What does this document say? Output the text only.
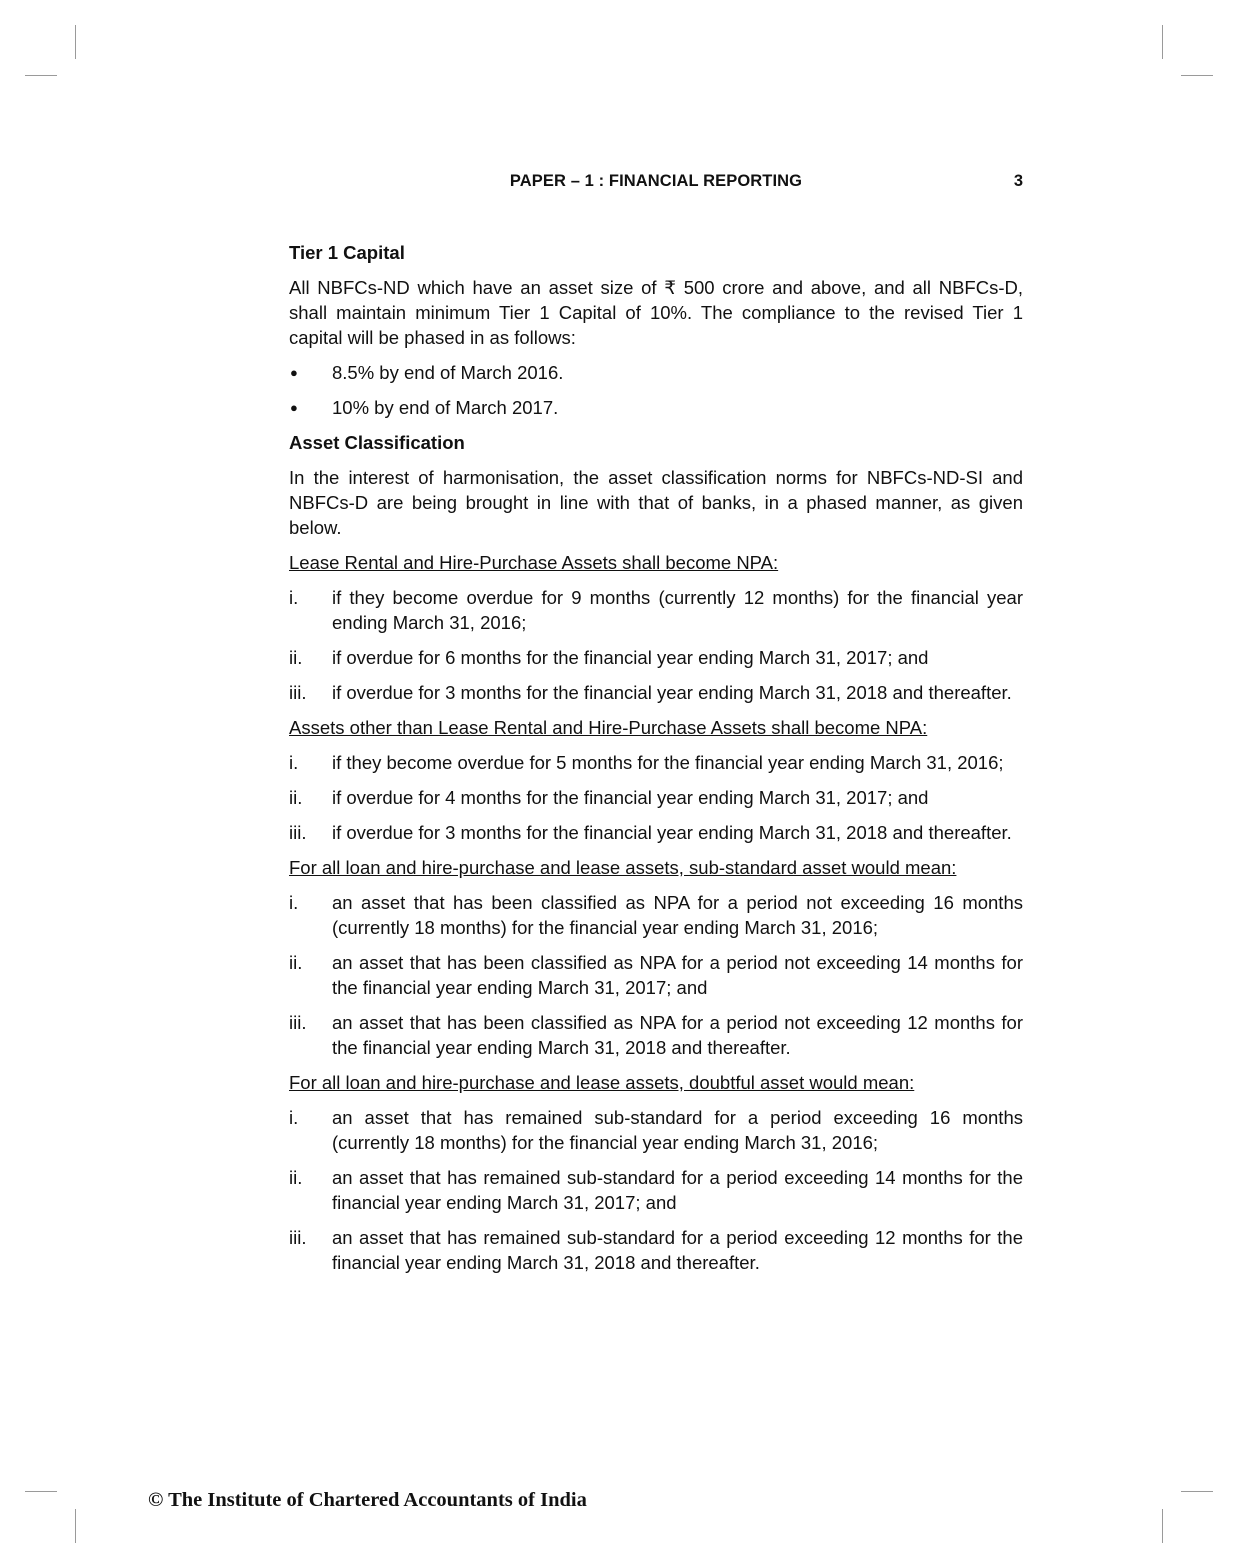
PAPER – 1 : FINANCIAL REPORTING	3
Tier 1 Capital
All NBFCs-ND which have an asset size of ₹ 500 crore and above, and all NBFCs-D, shall maintain minimum Tier 1 Capital of 10%. The compliance to the revised Tier 1 capital will be phased in as follows:
● 8.5% by end of March 2016.
● 10% by end of March 2017.
Asset Classification
In the interest of harmonisation, the asset classification norms for NBFCs-ND-SI and NBFCs-D are being brought in line with that of banks, in a phased manner, as given below.
Lease Rental and Hire-Purchase Assets shall become NPA:
i. if they become overdue for 9 months (currently 12 months) for the financial year ending March 31, 2016;
ii. if overdue for 6 months for the financial year ending March 31, 2017; and
iii. if overdue for 3 months for the financial year ending March 31, 2018 and thereafter.
Assets other than Lease Rental and Hire-Purchase Assets shall become NPA:
i. if they become overdue for 5 months for the financial year ending March 31, 2016;
ii. if overdue for 4 months for the financial year ending March 31, 2017; and
iii. if overdue for 3 months for the financial year ending March 31, 2018 and thereafter.
For all loan and hire-purchase and lease assets, sub-standard asset would mean:
i. an asset that has been classified as NPA for a period not exceeding 16 months (currently 18 months) for the financial year ending March 31, 2016;
ii. an asset that has been classified as NPA for a period not exceeding 14 months for the financial year ending March 31, 2017; and
iii. an asset that has been classified as NPA for a period not exceeding 12 months for the financial year ending March 31, 2018 and thereafter.
For all loan and hire-purchase and lease assets, doubtful asset would mean:
i. an asset that has remained sub-standard for a period exceeding 16 months (currently 18 months) for the financial year ending March 31, 2016;
ii. an asset that has remained sub-standard for a period exceeding 14 months for the financial year ending March 31, 2017; and
iii. an asset that has remained sub-standard for a period exceeding 12 months for the financial year ending March 31, 2018 and thereafter.
© The Institute of Chartered Accountants of India
